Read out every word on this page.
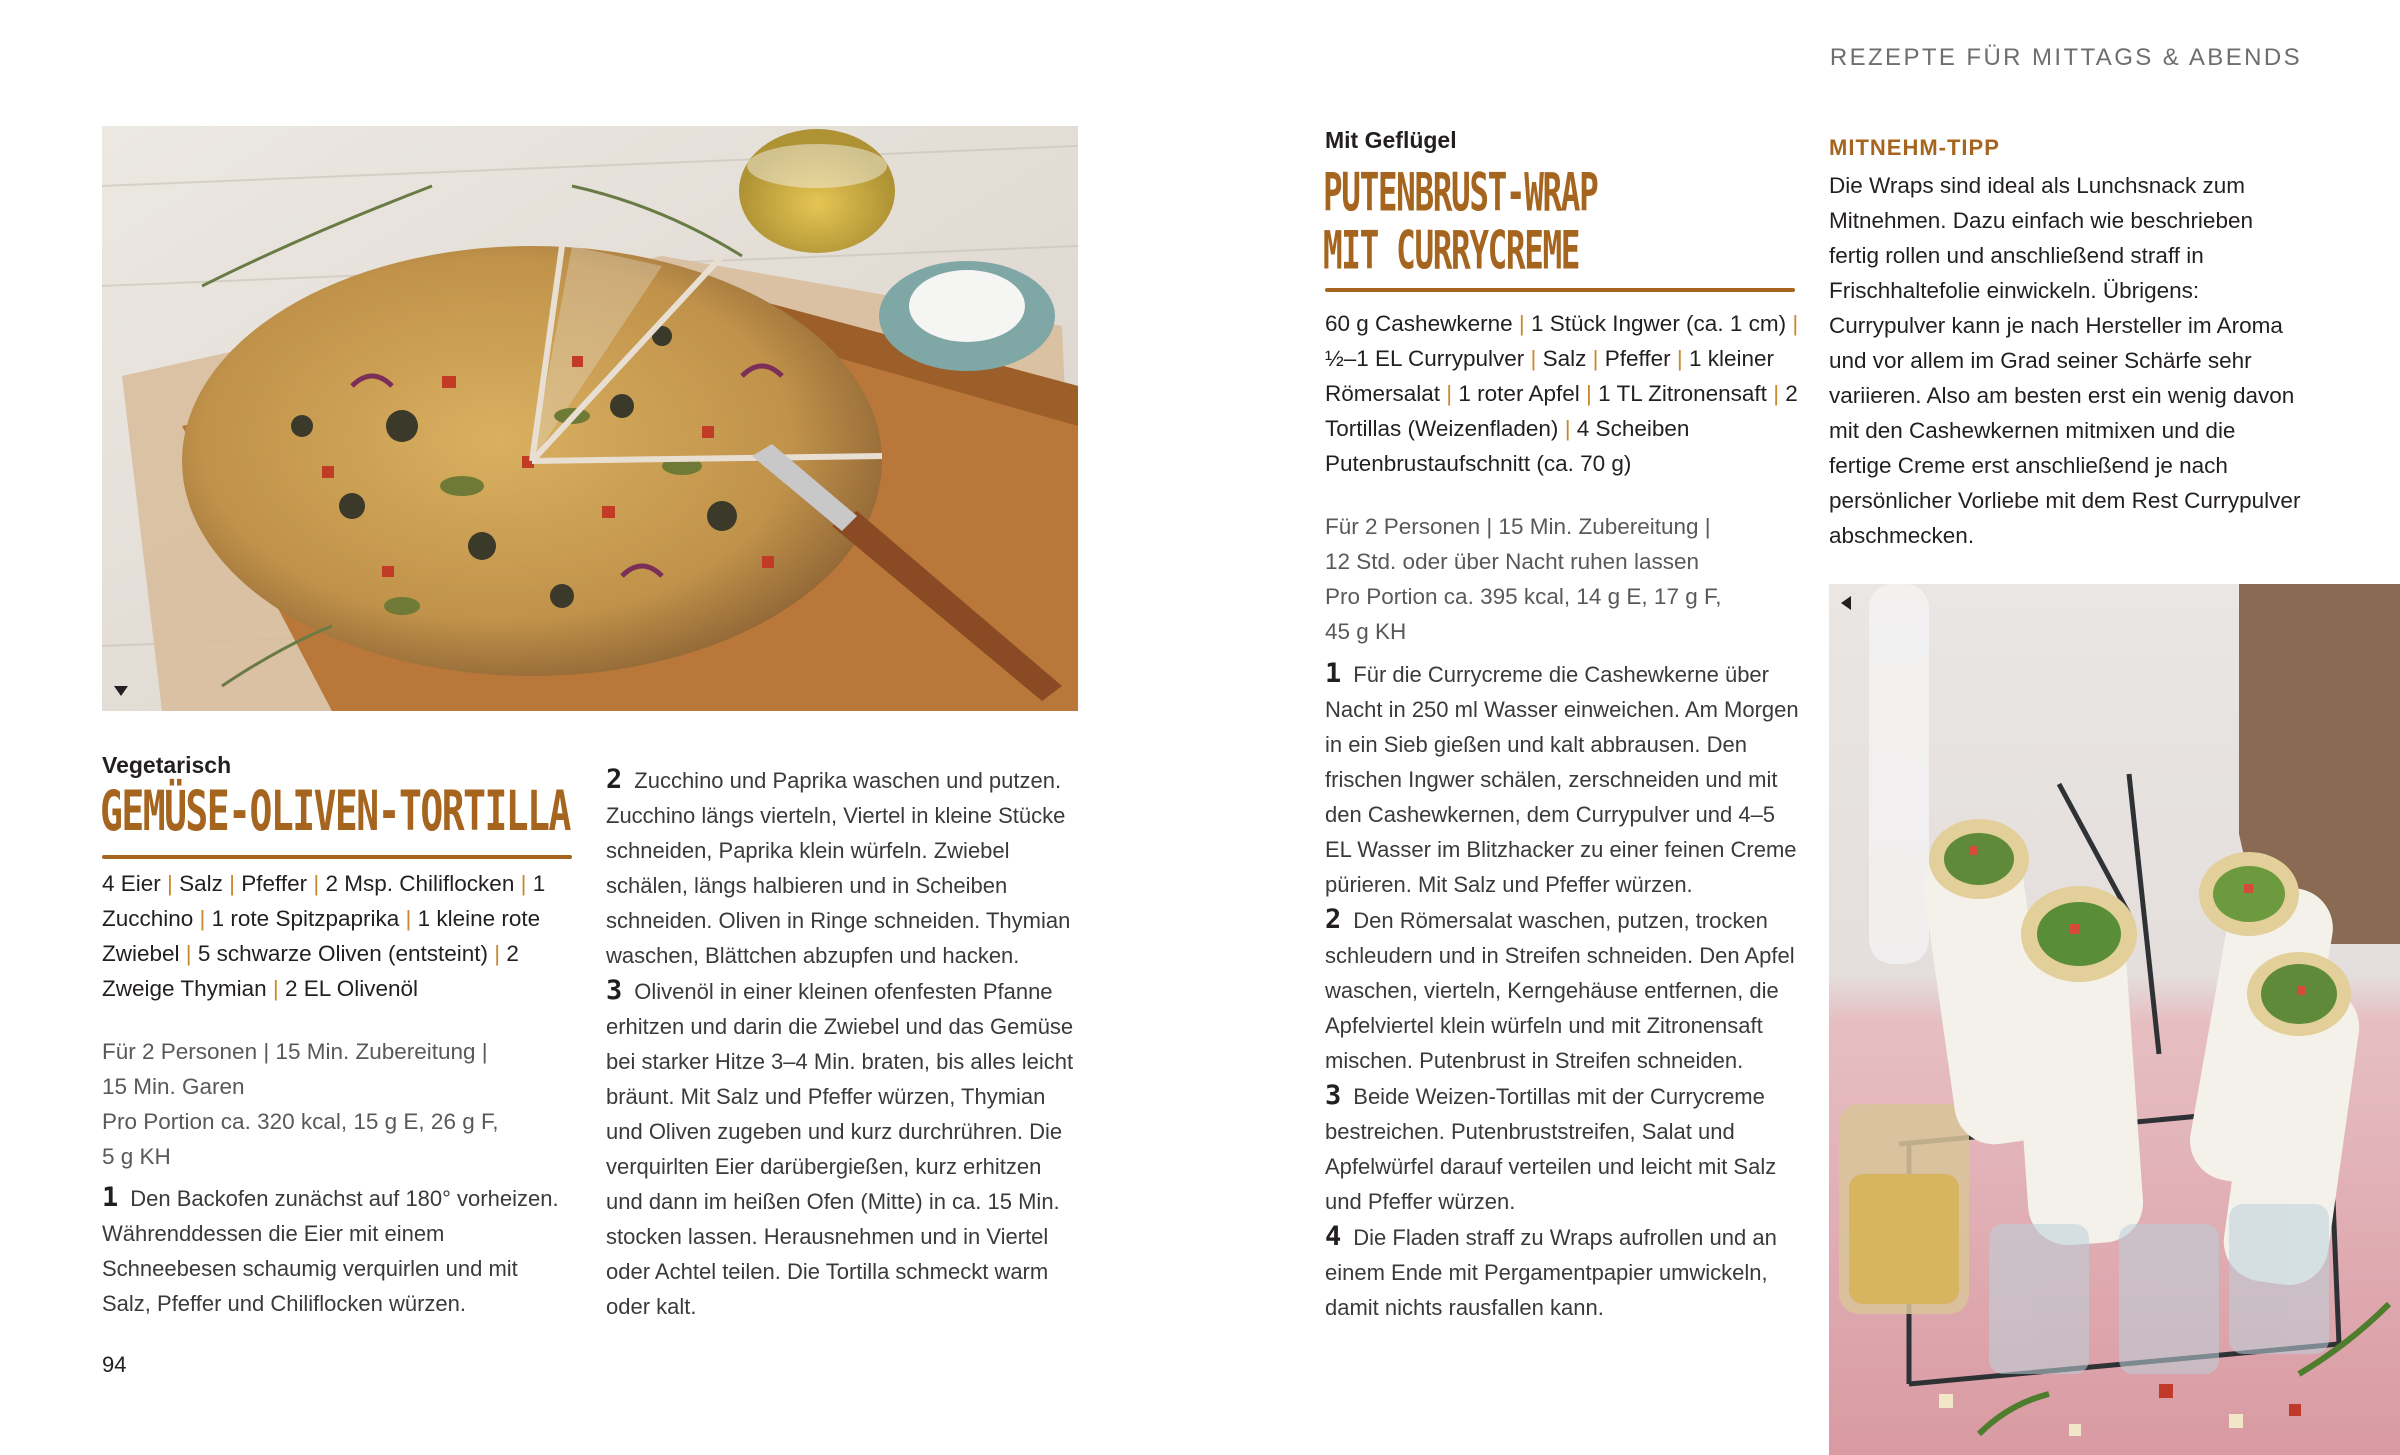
REZEPTE FÜR MITTAGS & ABENDS
Vegetarisch
GEMÜSE-OLIVEN-TORTILLA
4 Eier | Salz | Pfeffer | 2 Msp. Chiliflocken | 1 Zucchino | 1 rote Spitzpaprika | 1 kleine rote Zwiebel | 5 schwarze Oliven (entsteint) | 2 Zweige Thymian | 2 EL Olivenöl
Für 2 Personen | 15 Min. Zubereitung |
15 Min. Garen
Pro Portion ca. 320 kcal, 15 g E, 26 g F,
5 g KH

1 Den Backofen zunächst auf 180° vorheizen. Währenddessen die Eier mit einem Schneebesen schaumig verquirlen und mit Salz, Pfeffer und Chiliflocken würzen.

2 Zucchino und Paprika waschen und putzen. Zucchino längs vierteln, Viertel in kleine Stücke schneiden, Paprika klein würfeln. Zwiebel schälen, längs halbieren und in Scheiben schneiden. Oliven in Ringe schneiden. Thymian waschen, Blättchen abzupfen und hacken.

3 Olivenöl in einer kleinen ofenfesten Pfanne erhitzen und darin die Zwiebel und das Gemüse bei starker Hitze 3–4 Min. braten, bis alles leicht bräunt. Mit Salz und Pfeffer würzen, Thymian und Oliven zugeben und kurz durchrühren. Die verquirlten Eier darübergießen, kurz erhitzen und dann im heißen Ofen (Mitte) in ca. 15 Min. stocken lassen. Herausnehmen und in Viertel oder Achtel teilen. Die Tortilla schmeckt warm oder kalt.

94
Mit Geflügel
PUTENBRUST-WRAP
MIT CURRYCREME
60 g Cashewkerne | 1 Stück Ingwer (ca. 1 cm) | ½–1 EL Currypulver | Salz | Pfeffer | 1 kleiner Römersalat | 1 roter Apfel | 1 TL Zitronensaft | 2 Tortillas (Weizenfladen) | 4 Scheiben Putenbrustaufschnitt (ca. 70 g)
Für 2 Personen | 15 Min. Zubereitung |
12 Std. oder über Nacht ruhen lassen
Pro Portion ca. 395 kcal, 14 g E, 17 g F,
45 g KH

1 Für die Currycreme die Cashewkerne über Nacht in 250 ml Wasser einweichen. Am Morgen in ein Sieb gießen und kalt abbrausen. Den frischen Ingwer schälen, zerschneiden und mit den Cashewkernen, dem Currypulver und 4–5 EL Wasser im Blitzhacker zu einer feinen Creme pürieren. Mit Salz und Pfeffer würzen.

2 Den Römersalat waschen, putzen, trocken schleudern und in Streifen schneiden. Den Apfel waschen, vierteln, Kerngehäuse entfernen, die Apfelviertel klein würfeln und mit Zitronensaft mischen. Putenbrust in Streifen schneiden.

3 Beide Weizen-Tortillas mit der Currycreme bestreichen. Putenbruststreifen, Salat und Apfelwürfel darauf verteilen und leicht mit Salz und Pfeffer würzen.

4 Die Fladen straff zu Wraps aufrollen und an einem Ende mit Pergamentpapier umwickeln, damit nichts rausfallen kann.

MITNEHM-TIPP
Die Wraps sind ideal als Lunchsnack zum Mitnehmen. Dazu einfach wie beschrieben fertig rollen und anschließend straff in Frischhaltefolie einwickeln. Übrigens: Currypulver kann je nach Hersteller im Aroma und vor allem im Grad seiner Schärfe sehr variieren. Also am besten erst ein wenig davon mit den Cashewkernen mitmixen und die fertige Creme erst anschließend je nach persönlicher Vorliebe mit dem Rest Currypulver abschmecken.
